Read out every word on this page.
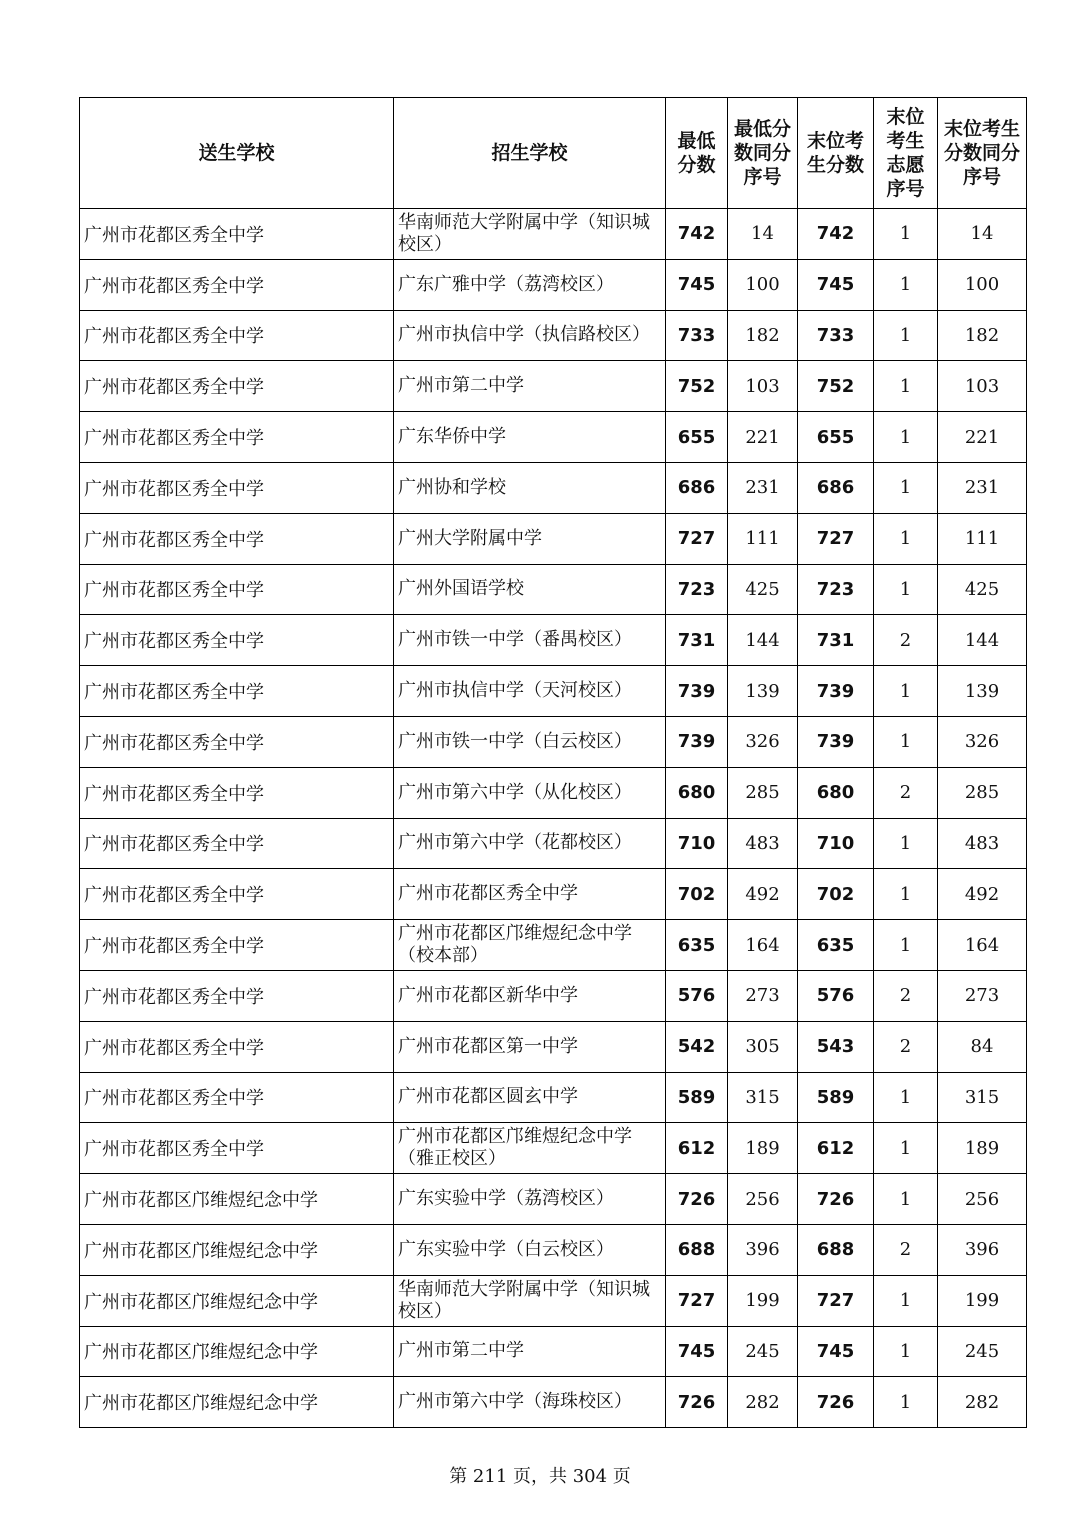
送生学校	招生学校	最低分数	最低分数同分序号	末位考生分数	末位考生志愿序号	末位考生分数同分序号

广州市花都区秀全中学	华南师范大学附属中学（知识城校区）	742	14	742	1	14
广州市花都区秀全中学	广东广雅中学（荔湾校区）	745	100	745	1	100
广州市花都区秀全中学	广州市执信中学（执信路校区）	733	182	733	1	182
广州市花都区秀全中学	广州市第二中学	752	103	752	1	103
广州市花都区秀全中学	广东华侨中学	655	221	655	1	221
广州市花都区秀全中学	广州协和学校	686	231	686	1	231
广州市花都区秀全中学	广州大学附属中学	727	111	727	1	111
广州市花都区秀全中学	广州外国语学校	723	425	723	1	425
广州市花都区秀全中学	广州市铁一中学（番禺校区）	731	144	731	2	144
广州市花都区秀全中学	广州市执信中学（天河校区）	739	139	739	1	139
广州市花都区秀全中学	广州市铁一中学（白云校区）	739	326	739	1	326
广州市花都区秀全中学	广州市第六中学（从化校区）	680	285	680	2	285
广州市花都区秀全中学	广州市第六中学（花都校区）	710	483	710	1	483
广州市花都区秀全中学	广州市花都区秀全中学	702	492	702	1	492
广州市花都区秀全中学	广州市花都区邝维煜纪念中学（校本部）	635	164	635	1	164
广州市花都区秀全中学	广州市花都区新华中学	576	273	576	2	273
广州市花都区秀全中学	广州市花都区第一中学	542	305	543	2	84
广州市花都区秀全中学	广州市花都区圆玄中学	589	315	589	1	315
广州市花都区秀全中学	广州市花都区邝维煜纪念中学（雅正校区）	612	189	612	1	189
广州市花都区邝维煜纪念中学	广东实验中学（荔湾校区）	726	256	726	1	256
广州市花都区邝维煜纪念中学	广东实验中学（白云校区）	688	396	688	2	396
广州市花都区邝维煜纪念中学	华南师范大学附属中学（知识城校区）	727	199	727	1	199
广州市花都区邝维煜纪念中学	广州市第二中学	745	245	745	1	245
广州市花都区邝维煜纪念中学	广州市第六中学（海珠校区）	726	282	726	1	282
第 211 页，共 304 页
